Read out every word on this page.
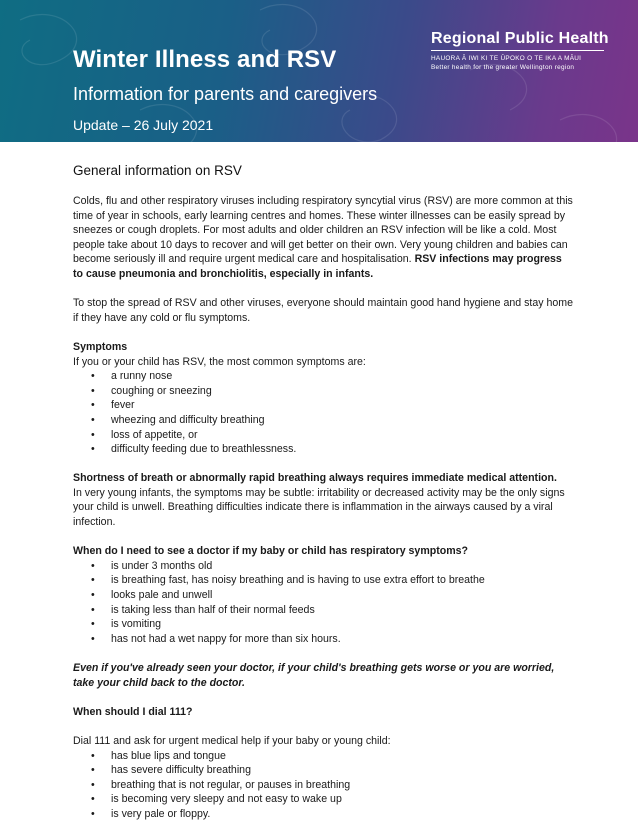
Winter Illness and RSV
Information for parents and caregivers
Update – 26 July 2021
Regional Public Health
HAUORA Ā IWI KI TE ŪPOKO O TE IKA A MĀUI
Better health for the greater Wellington region
General information on RSV

Colds, flu and other respiratory viruses including respiratory syncytial virus (RSV) are more common at this time of year in schools, early learning centres and homes. These winter illnesses can be easily spread by sneezes or cough droplets. For most adults and older children an RSV infection will be like a cold. Most people take about 10 days to recover and will get better on their own. Very young children and babies can become seriously ill and require urgent medical care and hospitalisation. RSV infections may progress to cause pneumonia and bronchiolitis, especially in infants.

To stop the spread of RSV and other viruses, everyone should maintain good hand hygiene and stay home if they have any cold or flu symptoms.

Symptoms
If you or your child has RSV, the most common symptoms are:
• a runny nose
• coughing or sneezing
• fever
• wheezing and difficulty breathing
• loss of appetite, or
• difficulty feeding due to breathlessness.
Shortness of breath or abnormally rapid breathing always requires immediate medical attention.

In very young infants, the symptoms may be subtle: irritability or decreased activity may be the only signs your child is unwell. Breathing difficulties indicate there is inflammation in the airways caused by a viral infection.

When do I need to see a doctor if my baby or child has respiratory symptoms?
• is under 3 months old
• is breathing fast, has noisy breathing and is having to use extra effort to breathe
• looks pale and unwell
• is taking less than half of their normal feeds
• is vomiting
• has not had a wet nappy for more than six hours.

Even if you've already seen your doctor, if your child's breathing gets worse or you are worried, take your child back to the doctor.

When should I dial 111?

Dial 111 and ask for urgent medical help if your baby or young child:
• has blue lips and tongue
• has severe difficulty breathing
• breathing that is not regular, or pauses in breathing
• is becoming very sleepy and not easy to wake up
• is very pale or floppy.
